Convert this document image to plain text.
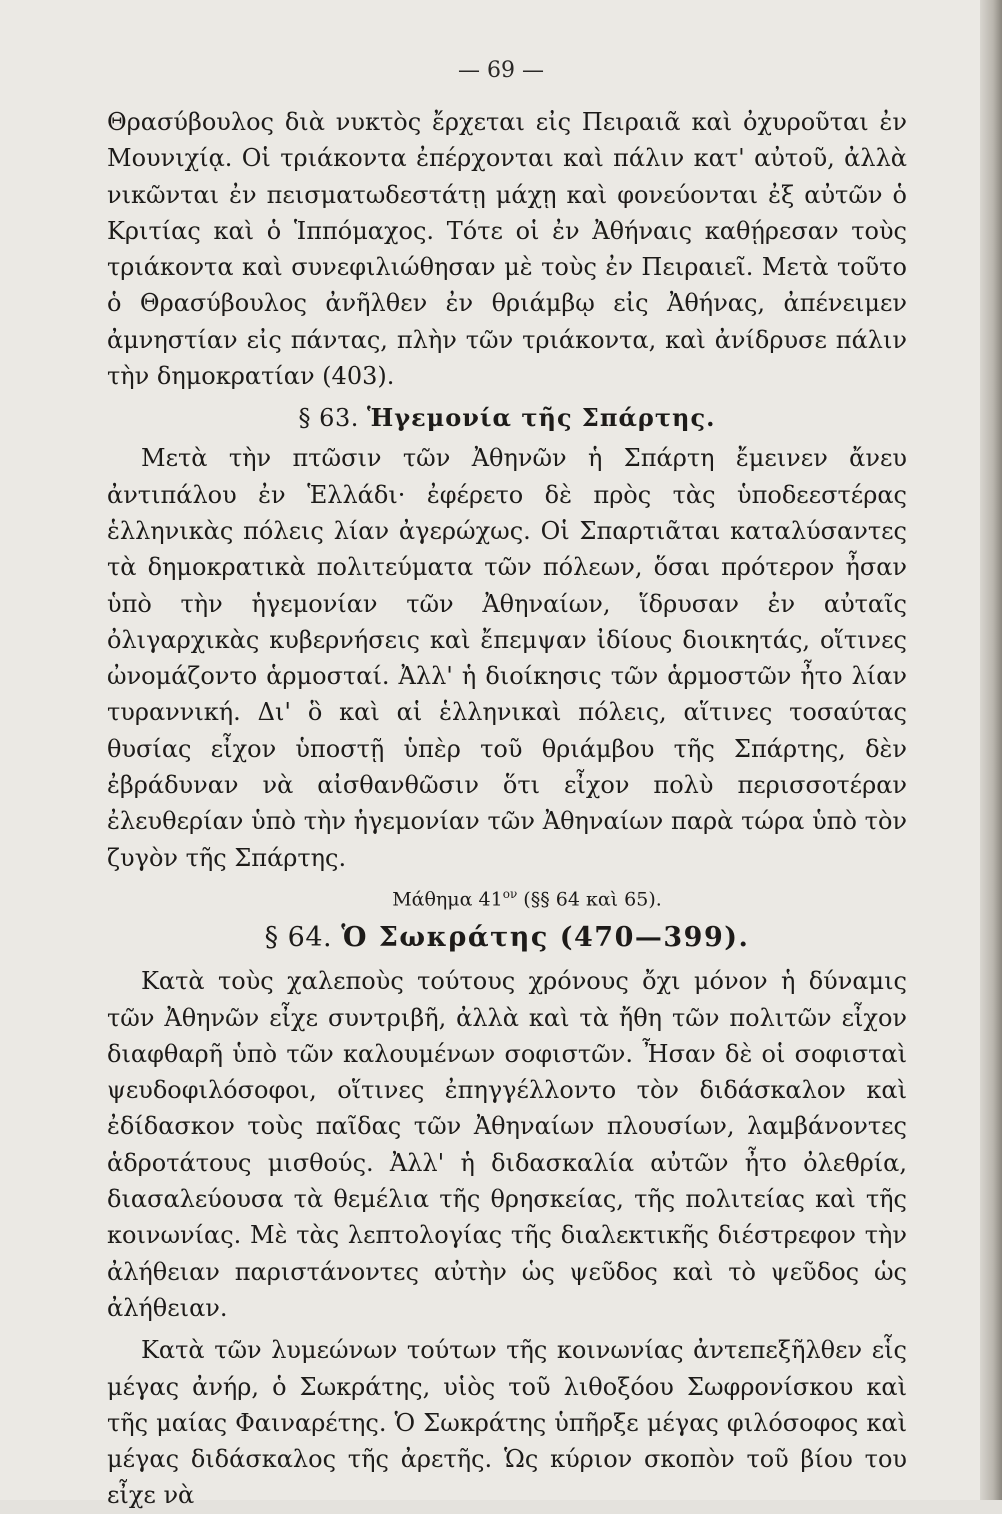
— 69 —

Θρασύβουλος διὰ νυκτὸς ἔρχεται εἰς Πειραιᾶ καὶ ὀχυροῦται ἐν Μουνιχίᾳ. Οἱ τριάκοντα ἐπέρχονται καὶ πάλιν κατ' αὐτοῦ, ἀλλὰ νικῶνται ἐν πεισματωδεστάτῃ μάχῃ καὶ φονεύονται ἐξ αὐτῶν ὁ Κριτίας καὶ ὁ Ἱππόμαχος. Τότε οἱ ἐν Ἀθήναις καθῄρεσαν τοὺς τριάκοντα καὶ συνεφιλιώθησαν μὲ τοὺς ἐν Πειραιεῖ. Μετὰ τοῦτο ὁ Θρασύβουλος ἀνῆλθεν ἐν θριάμβῳ εἰς Ἀθήνας, ἀπένειμεν ἀμνηστίαν εἰς πάντας, πλὴν τῶν τριάκοντα, καὶ ἀνίδρυσε πάλιν τὴν δημοκρατίαν (403).

§ 63. Ἡγεμονία τῆς Σπάρτης.

Μετὰ τὴν πτῶσιν τῶν Ἀθηνῶν ἡ Σπάρτη ἔμεινεν ἄνευ ἀντιπάλου ἐν Ἑλλάδι· ἐφέρετο δὲ πρὸς τὰς ὑποδεεστέρας ἑλληνικὰς πόλεις λίαν ἀγερώχως. Οἱ Σπαρτιᾶται καταλύσαντες τὰ δημοκρατικὰ πολιτεύματα τῶν πόλεων, ὅσαι πρότερον ἦσαν ὑπὸ τὴν ἡγεμονίαν τῶν Ἀθηναίων, ἵδρυσαν ἐν αὐταῖς ὀλιγαρχικὰς κυβερνήσεις καὶ ἔπεμψαν ἰδίους διοικητάς, οἵτινες ὠνομάζοντο ἁρμοσταί. Ἀλλ' ἡ διοίκησις τῶν ἁρμοστῶν ἦτο λίαν τυραννική. Δι' ὃ καὶ αἱ ἑλληνικαὶ πόλεις, αἵτινες τοσαύτας θυσίας εἶχον ὑποστῇ ὑπὲρ τοῦ θριάμβου τῆς Σπάρτης, δὲν ἐβράδυναν νὰ αἰσθανθῶσιν ὅτι εἶχον πολὺ περισσοτέραν ἐλευθερίαν ὑπὸ τὴν ἡγεμονίαν τῶν Ἀθηναίων παρὰ τώρα ὑπὸ τὸν ζυγὸν τῆς Σπάρτης.

Μάθημα $41^{o\nu}$ (§§ 64 καὶ 65).

§ 64. Ὁ Σωκράτης (470—399).

Κατὰ τοὺς χαλεποὺς τούτους χρόνους ὄχι μόνον ἡ δύναμις τῶν Ἀθηνῶν εἶχε συντριβῆ, ἀλλὰ καὶ τὰ ἤθη τῶν πολιτῶν εἶχον διαφθαρῆ ὑπὸ τῶν καλουμένων σοφιστῶν. Ἦσαν δὲ οἱ σοφισταὶ ψευδοφιλόσοφοι, οἵτινες ἐπηγγέλλοντο τὸν διδάσκαλον καὶ ἐδίδασκον τοὺς παῖδας τῶν Ἀθηναίων πλουσίων, λαμβάνοντες ἁδροτάτους μισθούς. Ἀλλ' ἡ διδασκαλία αὐτῶν ἦτο ὀλεθρία, διασαλεύουσα τὰ θεμέλια τῆς θρησκείας, τῆς πολιτείας καὶ τῆς κοινωνίας. Μὲ τὰς λεπτολογίας τῆς διαλεκτικῆς διέστρεφον τὴν ἀλήθειαν παριστάνοντες αὐτὴν ὡς ψεῦδος καὶ τὸ ψεῦδος ὡς ἀλήθειαν.

Κατὰ τῶν λυμεώνων τούτων τῆς κοινωνίας ἀντεπεξῆλθεν εἷς μέγας ἀνήρ, ὁ Σωκράτης, υἱὸς τοῦ λιθοξόου Σωφρονίσκου καὶ τῆς μαίας Φαιναρέτης. Ὁ Σωκράτης ὑπῆρξε μέγας φιλόσοφος καὶ μέγας διδάσκαλος τῆς ἀρετῆς. Ὡς κύριον σκοπὸν τοῦ βίου του εἶχε νὰ
